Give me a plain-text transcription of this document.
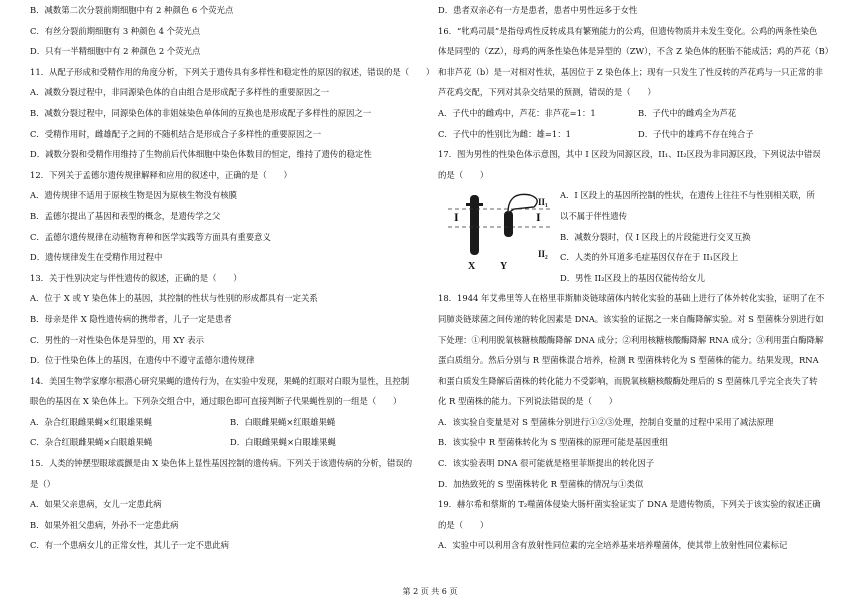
B．减数第二次分裂前期细胞中有 2 种颜色 6 个荧光点
C．有丝分裂前期细胞有 3 种颜色 4 个荧光点
D．只有一半精细胞中有 2 种颜色 2 个荧光点
11．从配子形成和受精作用的角度分析，下列关于遗传具有多样性和稳定性的原因的叙述，错误的是（　　）
A．减数分裂过程中，非同源染色体的自由组合是形成配子多样性的重要原因之一
B．减数分裂过程中，同源染色体的非姐妹染色单体间的互换也是形成配子多样性的原因之一
C．受精作用时，雌雄配子之间的不随机结合是形成合子多样性的重要原因之一
D．减数分裂和受精作用维持了生物前后代体细胞中染色体数目的恒定，维持了遗传的稳定性
12．下列关于孟德尔遗传规律解释和应用的叙述中，正确的是（　　）
A．遗传规律不适用于原核生物是因为原核生物没有核膜
B．孟德尔提出了基因和表型的概念，是遗传学之父
C．孟德尔遗传规律在动植物育种和医学实践等方面具有重要意义
D．遗传规律发生在受精作用过程中
13．关于性别决定与伴性遗传的叙述，正确的是（　　）
A．位于 X 或 Y 染色体上的基因，其控制的性状与性别的形成都具有一定关系
B．母亲是伴 X 隐性遗传病的携带者，儿子一定是患者
C．男性的一对性染色体是异型的，用 XY 表示
D．位于性染色体上的基因，在遗传中不遵守孟德尔遗传规律
14．美国生物学家摩尔根潜心研究果蝇的遗传行为，在实验中发现，果蝇的红眼对白眼为显性，且控制
眼色的基因在 X 染色体上。下列杂交组合中，通过眼色即可直接判断子代果蝇性别的一组是（　　）
A．杂合红眼雌果蝇×红眼雄果蝇	B．白眼雌果蝇×红眼雄果蝇
C．杂合红眼雌果蝇×白眼雄果蝇	D．白眼雌果蝇×白眼雄果蝇
15．人类的钟摆型眼球震颤是由 X 染色体上显性基因控制的遗传病。下列关于该遗传病的分析，错误的
是（）
A．如果父亲患病，女儿一定患此病
B．如果外祖父患病，外孙不一定患此病
C．有一个患病女儿的正常女性，其儿子一定不患此病
D．患者双亲必有一方是患者，患者中男性远多于女性
16．“牝鸡司晨”是指母鸡性反转成具有繁殖能力的公鸡，但遗传物质并未发生变化。公鸡的两条性染色
体是同型的（ZZ），母鸡的两条性染色体是异型的（ZW），不含 Z 染色体的胚胎不能成活；鸡的芦花（B）
和非芦花（b）是一对相对性状，基因位于 Z 染色体上；现有一只发生了性反转的芦花鸡与一只正常的非
芦花鸡交配，下列对其杂交结果的预测，错误的是（　　）
A．子代中的雌鸡中，芦花：非芦花=1：1	B．子代中的雌鸡全为芦花
C．子代中的性别比为雌：雄=1：1	D．子代中的雄鸡不存在纯合子
17．图为男性的性染色体示意图，其中 I 区段为同源区段，II₁、II₂区段为非同源区段，下列说法中错误
的是（　　）
I	I
II₁
II₂
X Y
A．I 区段上的基因所控制的性状，在遗传上往往不与性别相关联，所
以不属于伴性遗传
B．减数分裂时，仅 I 区段上的片段能进行交叉互换
C．人类的外耳道多毛症基因仅存在于 II₁区段上
D．男性 II₂区段上的基因仅能传给女儿
18．1944 年艾弗里等人在格里菲斯肺炎链球菌体内转化实验的基础上进行了体外转化实验，证明了在不
同肺炎链球菌之间传递的转化因素是 DNA。该实验的证据之一来自酶降解实验。对 S 型菌株分别进行如
下处理：①利用脱氧核糖核酸酶降解 DNA 成分；②利用核糖核酸酶降解 RNA 成分；③利用蛋白酶降解
蛋白质组分。然后分别与 R 型菌株混合培养，检测 R 型菌株转化为 S 型菌株的能力。结果发现，RNA
和蛋白质发生降解后菌株的转化能力不受影响，而脱氧核糖核酸酶处理后的 S 型菌株几乎完全丧失了转
化 R 型菌株的能力。下列说法错误的是（　　）
A．该实验自变量是对 S 型菌株分别进行①②③处理，控制自变量的过程中采用了减法原理
B．该实验中 R 型菌株转化为 S 型菌株的原理可能是基因重组
C．该实验表明 DNA 很可能就是格里菲斯提出的转化因子
D．加热致死的 S 型菌株转化 R 型菌株的情况与①类似
19．赫尔希和蔡斯的 T₂噬菌体侵染大肠杆菌实验证实了 DNA 是遗传物质，下列关于该实验的叙述正确
的是（　　）
A．实验中可以利用含有放射性同位素的完全培养基来培养噬菌体，使其带上放射性同位素标记
第 2 页 共 6 页
